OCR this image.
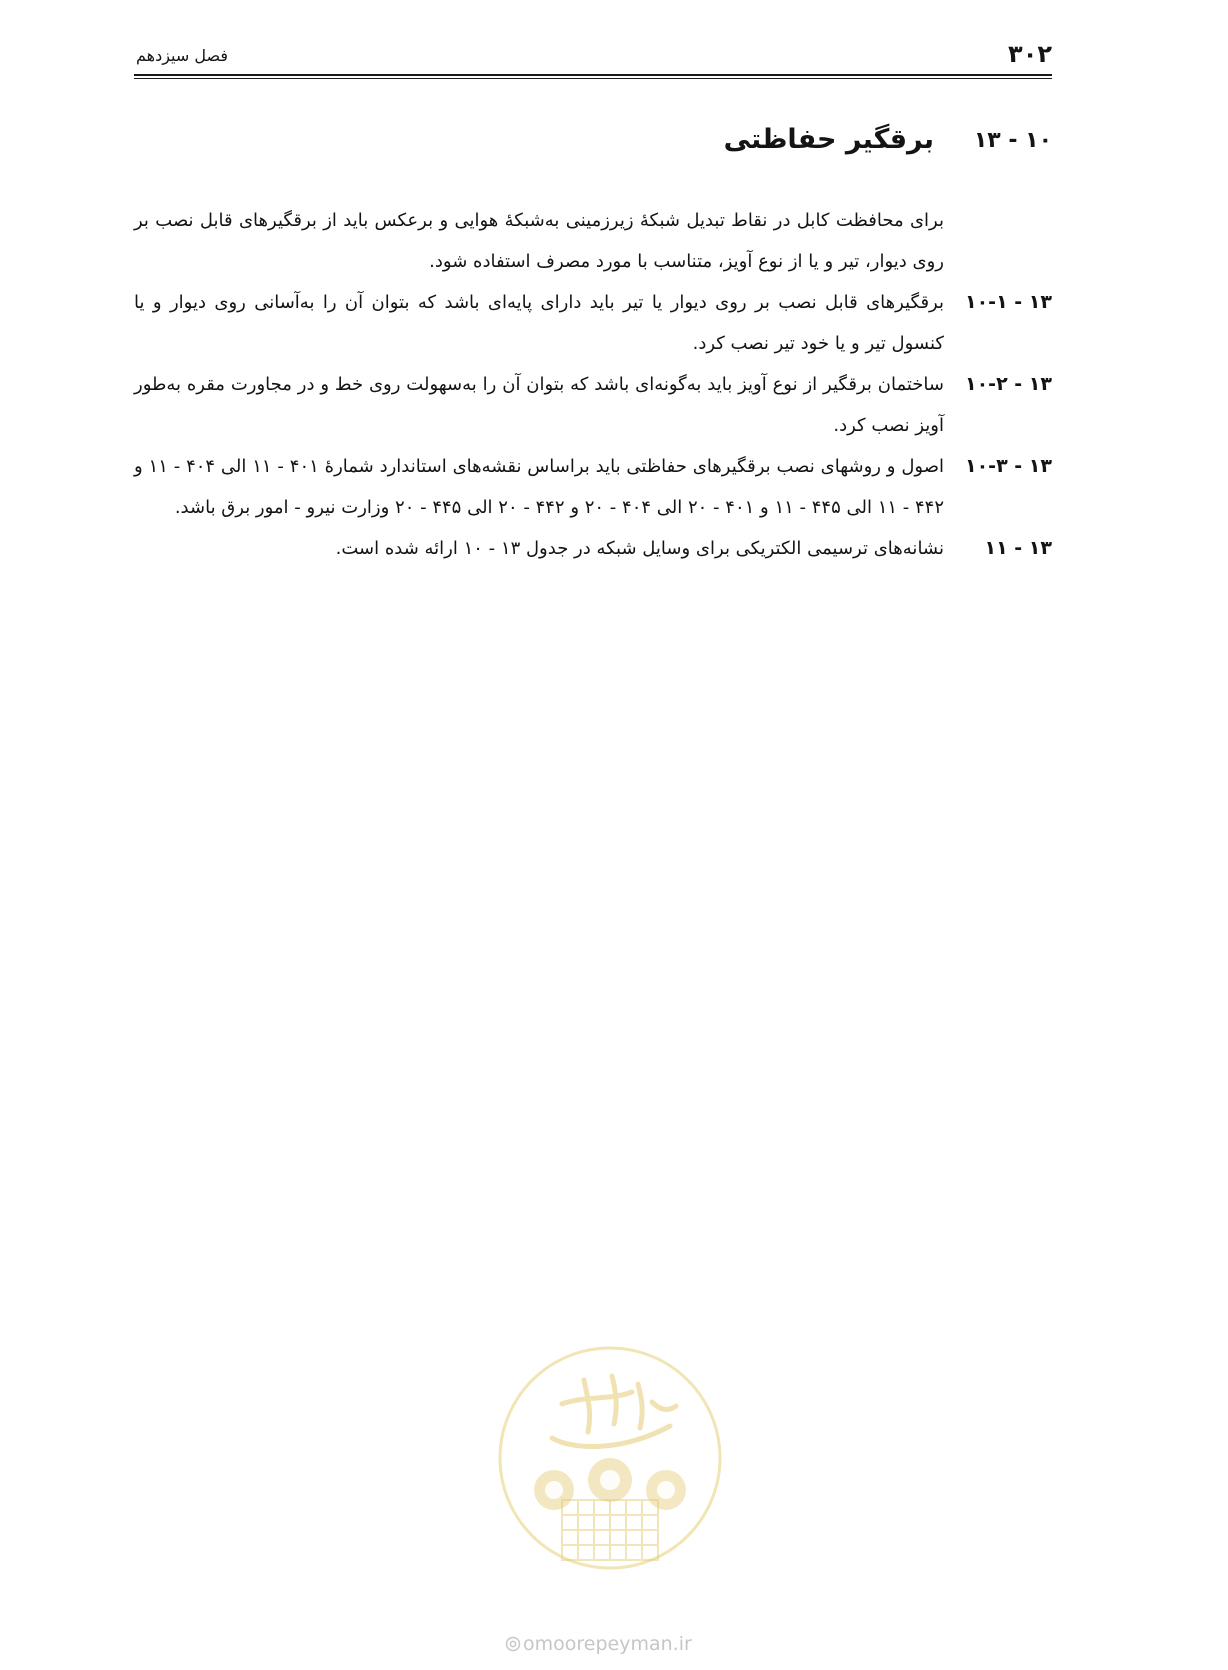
۳۰۲
فصل سیزدهم
۱۰ - ۱۳
برقگیر حفاظتی
برای محافظت کابل در نقاط تبدیل شبکهٔ زیرزمینی به‌شبکهٔ هوایی و برعکس باید از برقگیرهای قابل نصب بر روی دیوار، تیر و یا از نوع آویز، متناسب با مورد مصرف استفاده شود.
۱۳ - ۱۰-۱
برقگیرهای قابل نصب بر روی دیوار یا تیر باید دارای پایه‌ای باشد که بتوان آن را به‌آسانی روی دیوار و یا کنسول تیر و یا خود تیر نصب کرد.
۱۳ - ۱۰-۲
ساختمان برقگیر از نوع آویز باید به‌گونه‌ای باشد که بتوان آن را به‌سهولت روی خط و در مجاورت مقره به‌طور آویز نصب کرد.
۱۳ - ۱۰-۳
اصول و روشهای نصب برقگیرهای حفاظتی باید براساس نقشه‌های استاندارد شمارهٔ ۴۰۱ - ۱۱ الی ۴۰۴ - ۱۱ و ۴۴۲ - ۱۱ الی ۴۴۵ - ۱۱ و ۴۰۱ - ۲۰ الی ۴۰۴ - ۲۰ و ۴۴۲ - ۲۰ الی ۴۴۵ - ۲۰ وزارت نیرو - امور برق باشد.
۱۳ - ۱۱
نشانه‌های ترسیمی الکتریکی برای وسایل شبکه در جدول ۱۳ - ۱۰ ارائه شده است.
omoorepeyman.ir
